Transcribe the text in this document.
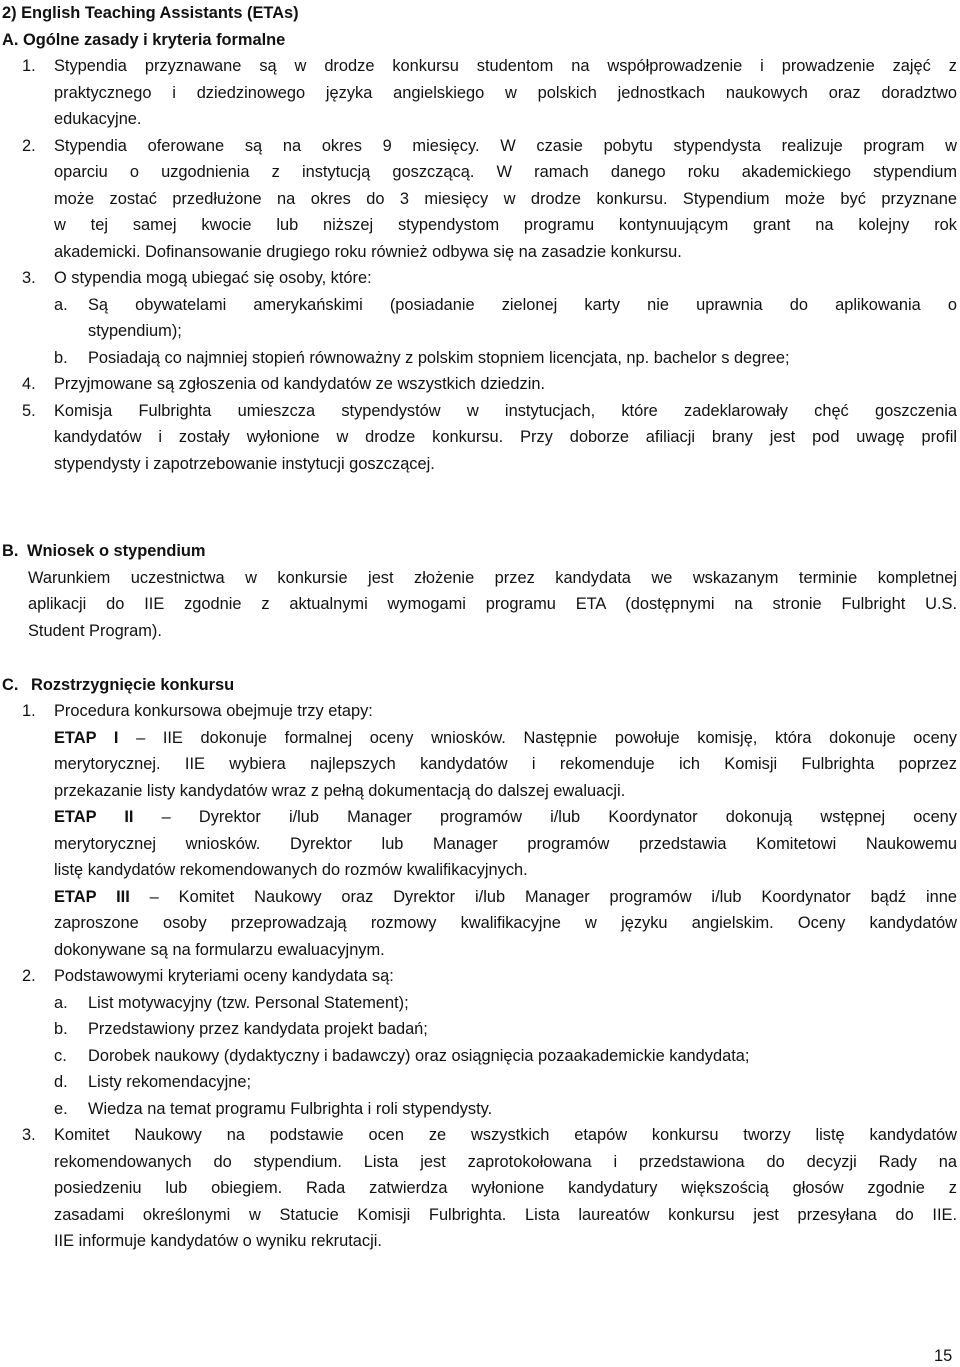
2) English Teaching Assistants (ETAs)
A. Ogólne zasady i kryteria formalne
1. Stypendia przyznawane są w drodze konkursu studentom na współprowadzenie i prowadzenie zajęć z
praktycznego i dziedzinowego języka angielskiego w polskich jednostkach naukowych oraz doradztwo
edukacyjne.
2. Stypendia oferowane są na okres 9 miesięcy. W czasie pobytu stypendysta realizuje program w
oparciu o uzgodnienia z instytucją goszczącą. W ramach danego roku akademickiego stypendium
może zostać przedłużone na okres do 3 miesięcy w drodze konkursu. Stypendium może być przyznane
w tej samej kwocie lub niższej stypendystom programu kontynuującym grant na kolejny rok
akademicki. Dofinansowanie drugiego roku również odbywa się na zasadzie konkursu.
3. O stypendia mogą ubiegać się osoby, które:
a. Są obywatelami amerykańskimi (posiadanie zielonej karty nie uprawnia do aplikowania o
stypendium);
b. Posiadają co najmniej stopień równoważny z polskim stopniem licencjata, np. bachelor s degree;
4. Przyjmowane są zgłoszenia od kandydatów ze wszystkich dziedzin.
5. Komisja Fulbrighta umieszcza stypendystów w instytucjach, które zadeklarowały chęć goszczenia
kandydatów i zostały wyłonione w drodze konkursu. Przy doborze afiliacji brany jest pod uwagę profil
stypendysty i zapotrzebowanie instytucji goszczącej.
B. Wniosek o stypendium
Warunkiem uczestnictwa w konkursie jest złożenie przez kandydata we wskazanym terminie kompletnej
aplikacji do IIE zgodnie z aktualnymi wymogami programu ETA (dostępnymi na stronie Fulbright U.S.
Student Program).
C. Rozstrzygnięcie konkursu
1. Procedura konkursowa obejmuje trzy etapy:
ETAP I – IIE dokonuje formalnej oceny wniosków. Następnie powołuje komisję, która dokonuje oceny
merytorycznej. IIE wybiera najlepszych kandydatów i rekomenduje ich Komisji Fulbrighta poprzez
przekazanie listy kandydatów wraz z pełną dokumentacją do dalszej ewaluacji.
ETAP II – Dyrektor i/lub Manager programów i/lub Koordynator dokonują wstępnej oceny
merytorycznej wniosków. Dyrektor lub Manager programów przedstawia Komitetowi Naukowemu
listę kandydatów rekomendowanych do rozmów kwalifikacyjnych.
ETAP III – Komitet Naukowy oraz Dyrektor i/lub Manager programów i/lub Koordynator bądź inne
zaproszone osoby przeprowadzają rozmowy kwalifikacyjne w języku angielskim. Oceny kandydatów
dokonywane są na formularzu ewaluacyjnym.
2. Podstawowymi kryteriami oceny kandydata są:
a. List motywacyjny (tzw. Personal Statement);
b. Przedstawiony przez kandydata projekt badań;
c. Dorobek naukowy (dydaktyczny i badawczy) oraz osiągnięcia pozaakademickie kandydata;
d. Listy rekomendacyjne;
e. Wiedza na temat programu Fulbrighta i roli stypendysty.
3. Komitet Naukowy na podstawie ocen ze wszystkich etapów konkursu tworzy listę kandydatów
rekomendowanych do stypendium. Lista jest zaprotokołowana i przedstawiona do decyzji Rady na
posiedzeniu lub obiegiem. Rada zatwierdza wyłonione kandydatury większością głosów zgodnie z
zasadami określonymi w Statucie Komisji Fulbrighta. Lista laureatów konkursu jest przesyłana do IIE.
IIE informuje kandydatów o wyniku rekrutacji.
15
